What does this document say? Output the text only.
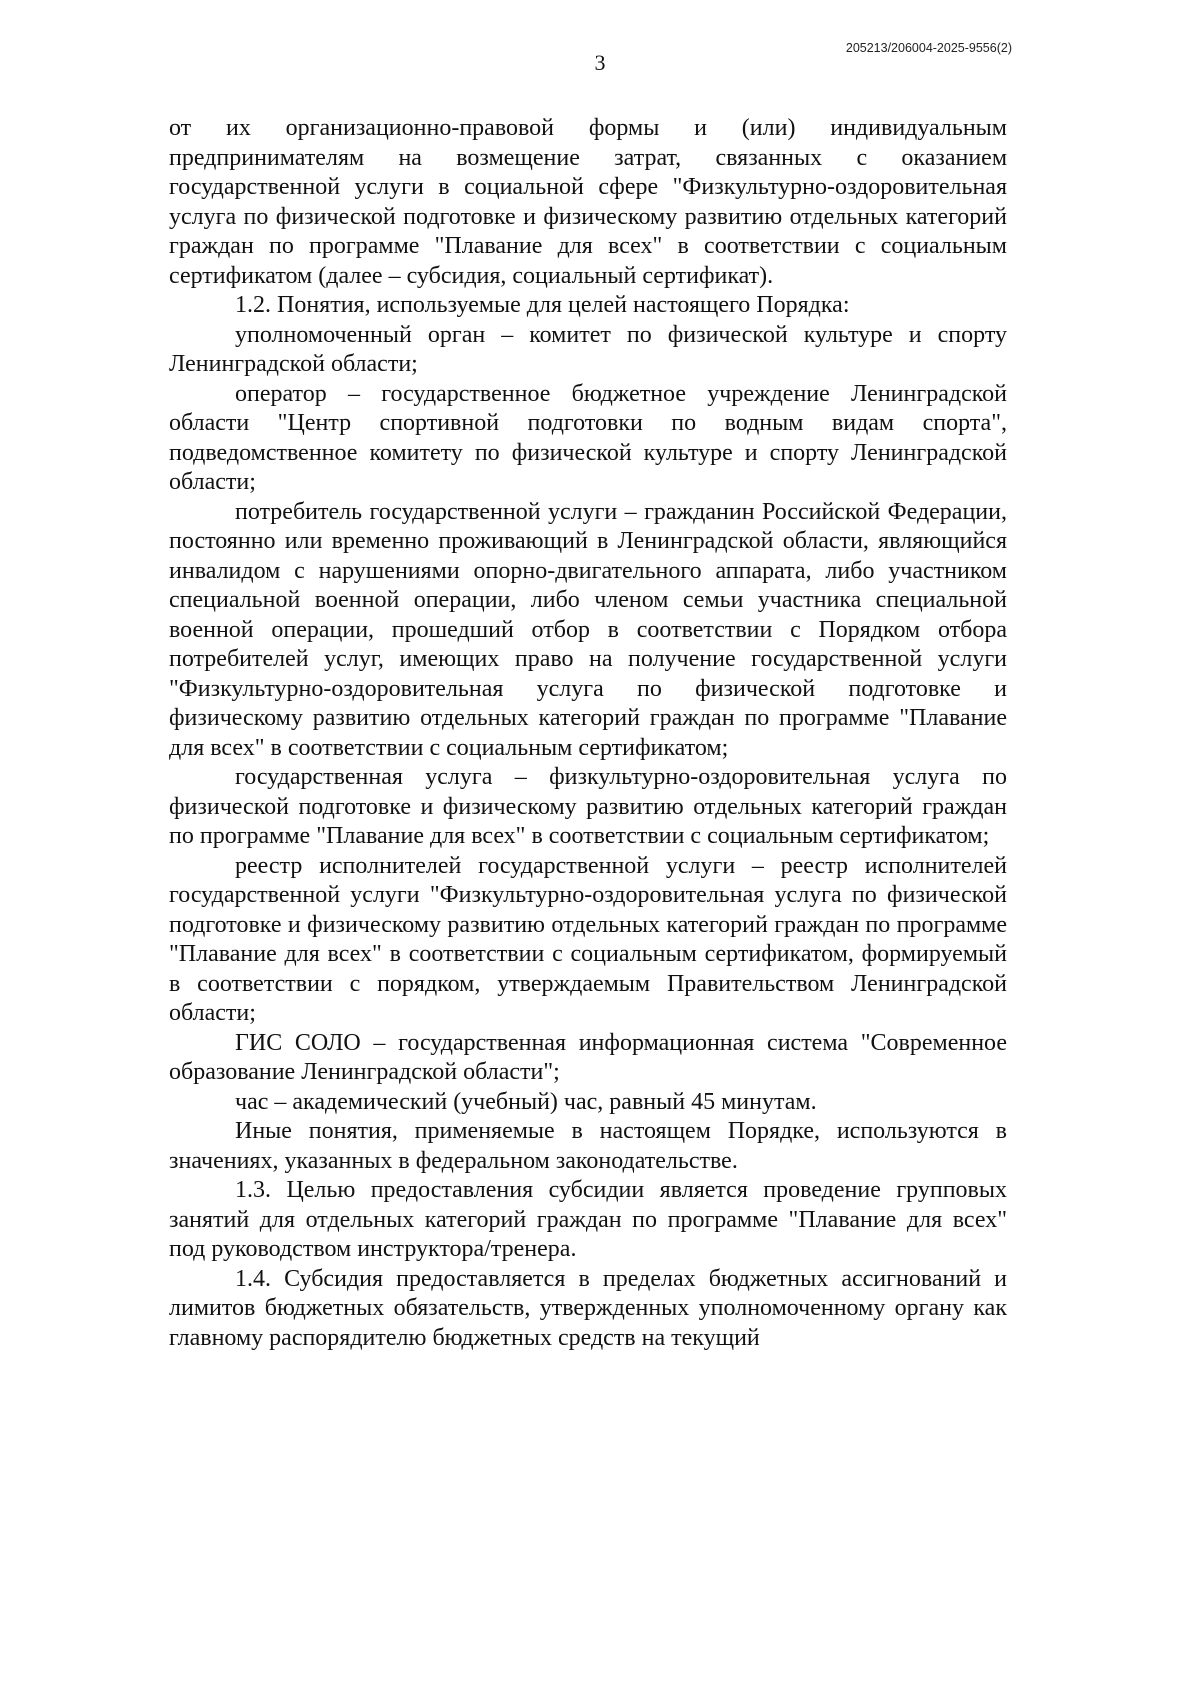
205213/206004-2025-9556(2)
3

от их организационно-правовой формы и (или) индивидуальным предпринимателям на возмещение затрат, связанных с оказанием государственной услуги в социальной сфере "Физкультурно-оздоровительная услуга по физической подготовке и физическому развитию отдельных категорий граждан по программе "Плавание для всех" в соответствии с социальным сертификатом (далее – субсидия, социальный сертификат).

1.2. Понятия, используемые для целей настоящего Порядка:

уполномоченный орган – комитет по физической культуре и спорту Ленинградской области;

оператор – государственное бюджетное учреждение Ленинградской области "Центр спортивной подготовки по водным видам спорта", подведомственное комитету по физической культуре и спорту Ленинградской области;

потребитель государственной услуги – гражданин Российской Федерации, постоянно или временно проживающий в Ленинградской области, являющийся инвалидом с нарушениями опорно-двигательного аппарата, либо участником специальной военной операции, либо членом семьи участника специальной военной операции, прошедший отбор в соответствии с Порядком отбора потребителей услуг, имеющих право на получение государственной услуги "Физкультурно-оздоровительная услуга по физической подготовке и физическому развитию отдельных категорий граждан по программе "Плавание для всех" в соответствии с социальным сертификатом;

государственная услуга – физкультурно-оздоровительная услуга по физической подготовке и физическому развитию отдельных категорий граждан по программе "Плавание для всех" в соответствии с социальным сертификатом;

реестр исполнителей государственной услуги – реестр исполнителей государственной услуги "Физкультурно-оздоровительная услуга по физической подготовке и физическому развитию отдельных категорий граждан по программе "Плавание для всех" в соответствии с социальным сертификатом, формируемый в соответствии с порядком, утверждаемым Правительством Ленинградской области;

ГИС СОЛО – государственная информационная система "Современное образование Ленинградской области";

час – академический (учебный) час, равный 45 минутам.

Иные понятия, применяемые в настоящем Порядке, используются в значениях, указанных в федеральном законодательстве.

1.3. Целью предоставления субсидии является проведение групповых занятий для отдельных категорий граждан по программе "Плавание для всех" под руководством инструктора/тренера.

1.4. Субсидия предоставляется в пределах бюджетных ассигнований и лимитов бюджетных обязательств, утвержденных уполномоченному органу как главному распорядителю бюджетных средств на текущий
